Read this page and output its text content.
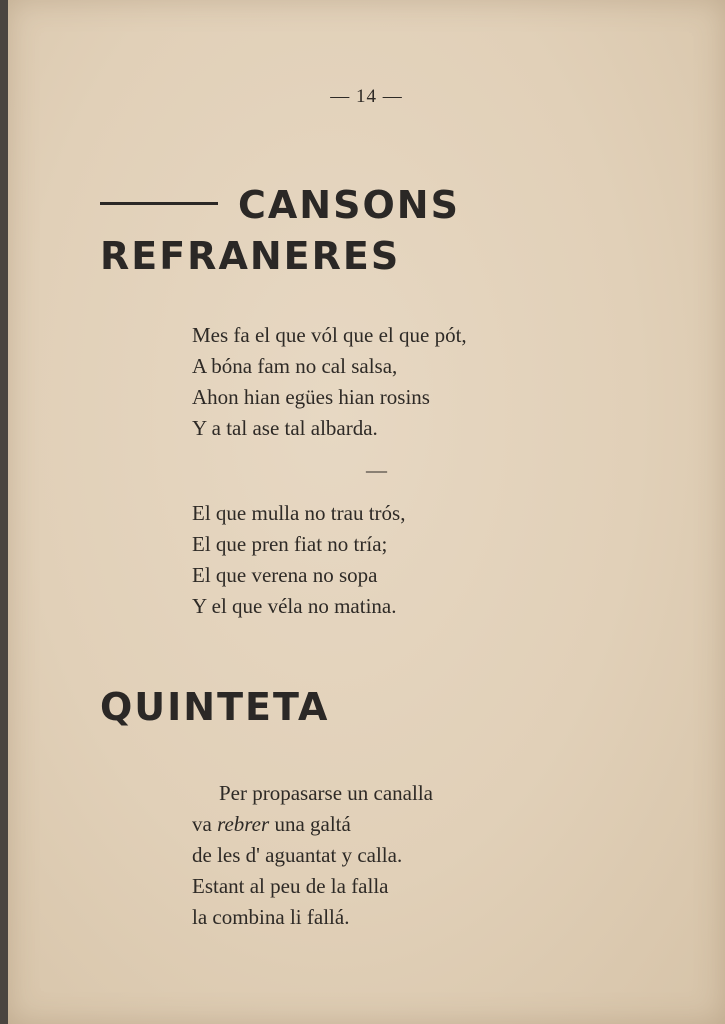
— 14 —
CANSONS
REFRANERES
Mes fa el que vól que el que pót,
A bóna fam no cal salsa,
Ahon hian egües hian rosins
Y a tal ase tal albarda.
—
El que mulla no trau trós,
El que pren fiat no tría;
El que verena no sopa
Y el que véla no matina.
QUINTETA
Per propasarse un canalla
va rebrer una galtá
de les d' aguantat y calla.
Estant al peu de la falla
la combina li fallá.
